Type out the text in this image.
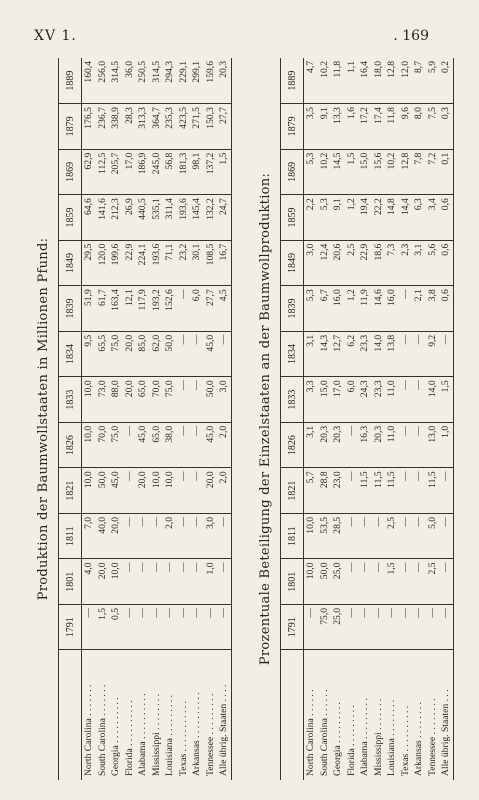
XV 1.	. 169
Produktion der Baumwollstaaten in Millionen Pfund:
	1791	1801	1811	1821	1826	1833	1834	1839	1849	1859	1869	1879	1889
North Carolina . . . . . . .	—	4,0	7,0	10,0	10,0	10,0	9,5	51,9	29,5	64,6	62,9	176,5	160,4
South Carolina . . . . . . .	1,5	20,0	40,0	50,0	70,0	73,0	65,5	61,7	120,0	141,6	112,5	236,7	256,0
Georgia . . . . . . . . . .	0,5	10,0	20,0	45,0	75,0	88,0	75,0	163,4	199,6	212,3	205,7	338,9	314,5
Florida . . . . . . . . . .	—	—	—	—	—	20,0	20,0	12,1	22,9	26,9	17,0	28,3	36,0
Alabama . . . . . . . . . .	—	—	—	20,0	45,0	65,0	85,0	117,9	224,1	440,5	186,9	313,3	250,5
Mississippi . . . . . . . .	—	—	—	10,0	65,0	70,0	62,0	193,2	193,6	535,1	245,0	364,7	314,5
Louisiana . . . . . . . . .	—	—	2,0	10,0	38,0	75,0	50,0	152,6	71,1	311,4	56,8	235,3	294,3
Texas . . . . . . . . . . .	—	—	—	—	—	—	—	—	23,2	193,6	181,3	423,5	229,1
Arkansas . . . . . . . . . .	—	—	—	—	—	—	—	6,0	30,1	145,4	98,1	271,5	299,1
Tennessee . . . . . . . . .	—	1,0	3,0	20,0	45,0	50,0	45,0	27,7	108,5	132,2	137,2	150,3	159,6
Alle übrig. Staaten . . . .	—	—	—	2,0	2,0	3,0	—	4,5	16,7	24,7	1,5	27,7	20,3
Prozentuale Beteiligung der Einzelstaaten an der Baumwollproduktion:
		1791	1801	1811	1821	1826	1833	1834	1839	1849	1859	1869	1879	1889
North Carolina . . . . . .	—	10,0	10,0	5,7	3,1	3,3	3,1	5,3	3,0	2,2	5,3	3,5	4,7
South Carolina . . . . . .	75,0	50,0	53,5	28,8	20,3	15,0	14,3	6,7	12,4	5,3	10,2	9,1	10,2
Georgia . . . . . . . . .	25,0	25,0	28,5	23,0	20,3	17,0	12,7	16,0	20,6	9,1	14,5	13,3	11,8
Florida . . . . . . . . .	—	—	—	—	—	6,0	6,2	1,2	2,5	1,2	1,5	1,6	1,1
Alabama . . . . . . . . .	—	—	—	11,5	16,3	24,3	23,3	11,9	22,9	19,4	15,0	17,2	16,4
Mississippi . . . . . . .	—	—	—	11,5	20,3	23,3	14,0	14,6	18,6	22,2	15,6	17,4	18,0
Louisiana . . . . . . . .	—	1,5	2,5	11,5	11,0	11,0	13,8	16,0	7,3	14,8	10,2	11,8	12,8
Texas . . . . . . . . . .	—	—	—	—	—	—	—	—	2,3	14,4	12,8	9,6	12,0
Arkansas . . . . . . . .	—	—	—	—	—	—	—	2,1	3,1	6,3	7,8	8,0	8,7
Tennessee . . . . . . . .	—	2,5	5,0	11,5	13,0	14,0	9,2	3,8	5,6	3,4	7,2	7,5	5,9
Alle übrig. Staaten . . .	—	—	—	—	1,0	1,5	—	0,6	0,6	0,6	0,1	0,3	0,2
